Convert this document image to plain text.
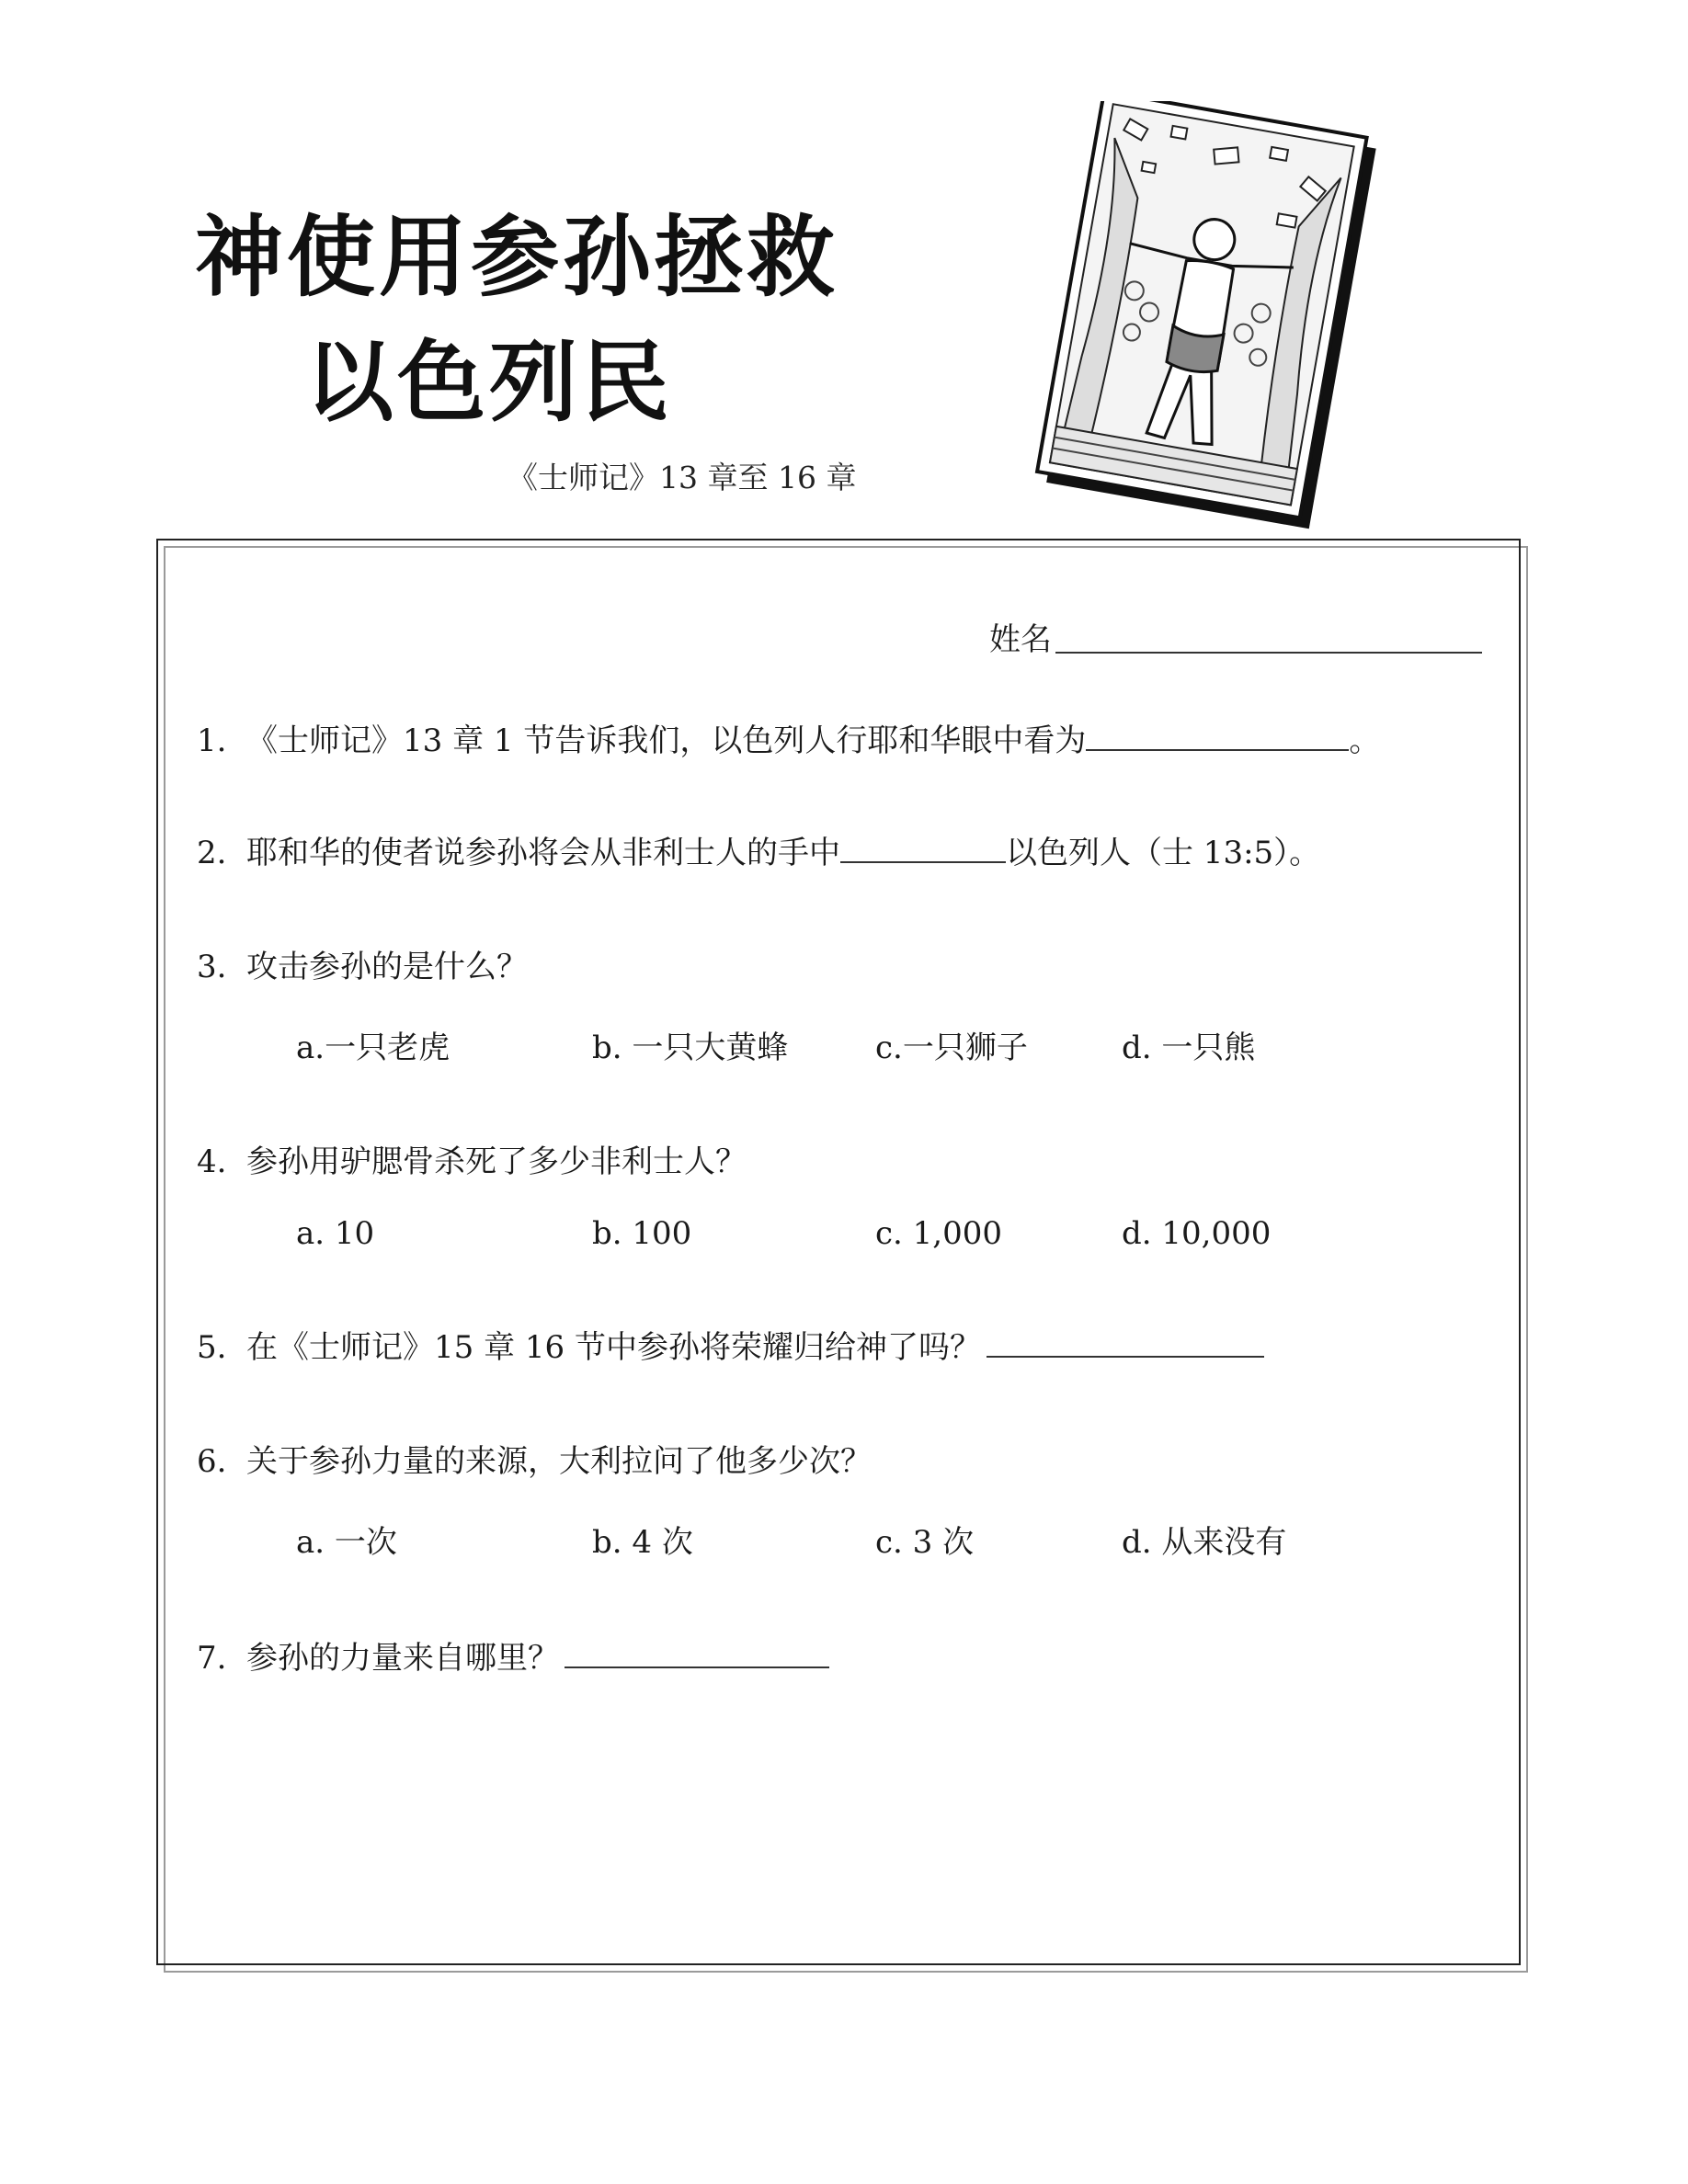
神使用参孙拯救
以色列民
《士师记》13 章至 16 章
姓名
1. 《士师记》13 章 1 节告诉我们，以色列人行耶和华眼中看为	。
2. 耶和华的使者说参孙将会从非利士人的手中	以色列人（士 13:5）。
3. 攻击参孙的是什么？
a.一只老虎	b. 一只大黄蜂	c.一只狮子	d. 一只熊
4. 参孙用驴腮骨杀死了多少非利士人？
a. 10	b. 100	c. 1,000	d. 10,000
5. 在《士师记》15 章 16 节中参孙将荣耀归给神了吗？
6. 关于参孙力量的来源，大利拉问了他多少次？
a. 一次	b. 4 次	c. 3 次	d. 从来没有
7. 参孙的力量来自哪里？
